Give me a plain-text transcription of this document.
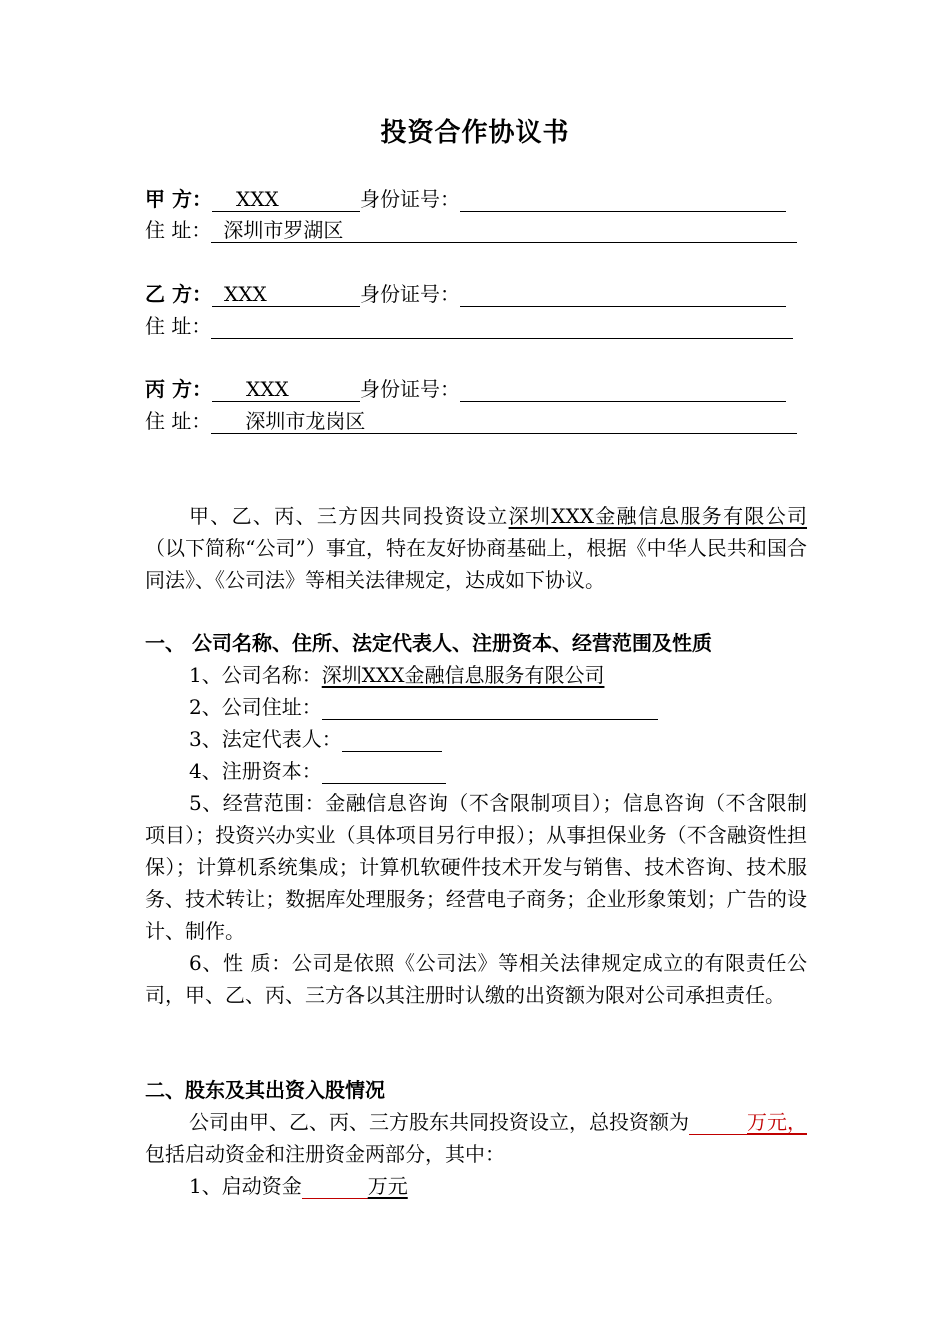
投资合作协议书
甲 方： XXX	身份证号：
住 址： 深圳市罗湖区
乙 方： XXX	身份证号：
住 址：
丙 方： XXX	身份证号：
住 址： 深圳市龙岗区
甲、乙、丙、三方因共同投资设立深圳XXX金融信息服务有限公司（以下简称“公司”）事宜，特在友好协商基础上，根据《中华人民共和国合同法》、《公司法》等相关法律规定，达成如下协议。
一、 公司名称、住所、法定代表人、注册资本、经营范围及性质
1、公司名称：深圳XXX金融信息服务有限公司
2、公司住址：
3、法定代表人：
4、注册资本：
5、经营范围：金融信息咨询（不含限制项目）；信息咨询（不含限制项目）；投资兴办实业（具体项目另行申报）；从事担保业务（不含融资性担保）；计算机系统集成；计算机软硬件技术开发与销售、技术咨询、技术服务、技术转让；数据库处理服务；经营电子商务；企业形象策划；广告的设计、制作。
6、性 质：公司是依照《公司法》等相关法律规定成立的有限责任公司，甲、乙、丙、三方各以其注册时认缴的出资额为限对公司承担责任。
二、股东及其出资入股情况
公司由甲、乙、丙、三方股东共同投资设立，总投资额为	万元，包括启动资金和注册资金两部分，其中：
1、启动资金	万元
